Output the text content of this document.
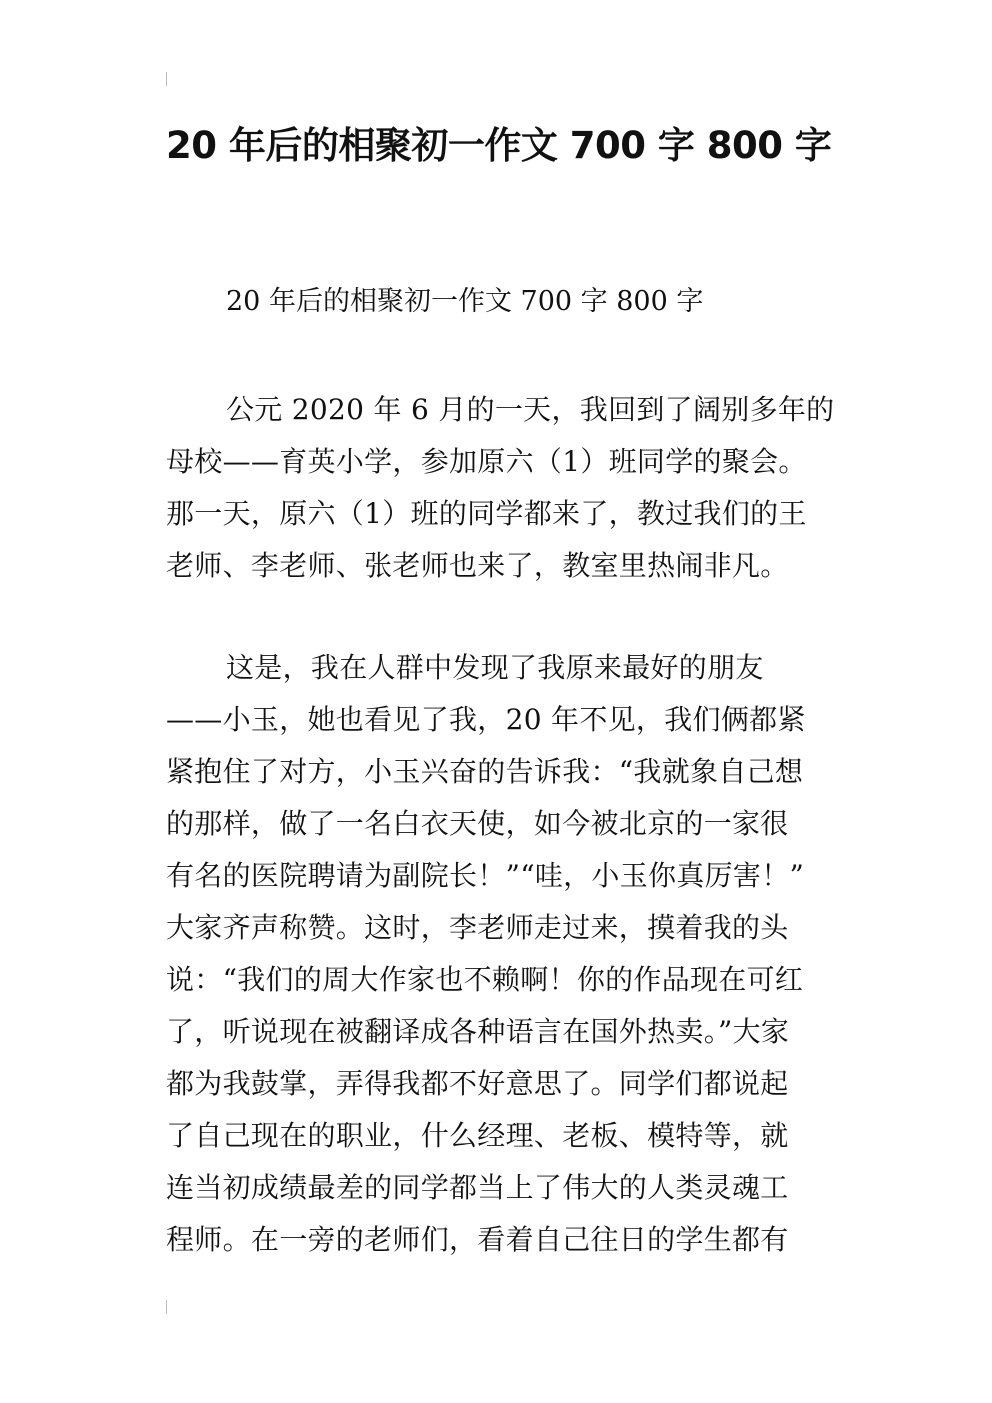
20 年后的相聚初一作文 700 字 800 字

20 年后的相聚初一作文 700 字 800 字

公元 2020 年 6 月的一天，我回到了阔别多年的
母校——育英小学，参加原六（1）班同学的聚会。
那一天，原六（1）班的同学都来了，教过我们的王
老师、李老师、张老师也来了，教室里热闹非凡。
这是，我在人群中发现了我原来最好的朋友
——小玉，她也看见了我，20 年不见，我们俩都紧
紧抱住了对方，小玉兴奋的告诉我：“我就象自己想
的那样，做了一名白衣天使，如今被北京的一家很
有名的医院聘请为副院长！”“哇，小玉你真厉害！”
大家齐声称赞。这时，李老师走过来，摸着我的头
说：“我们的周大作家也不赖啊！你的作品现在可红
了，听说现在被翻译成各种语言在国外热卖。”大家
都为我鼓掌，弄得我都不好意思了。同学们都说起
了自己现在的职业，什么经理、老板、模特等，就
连当初成绩最差的同学都当上了伟大的人类灵魂工
程师。在一旁的老师们，看着自己往日的学生都有
